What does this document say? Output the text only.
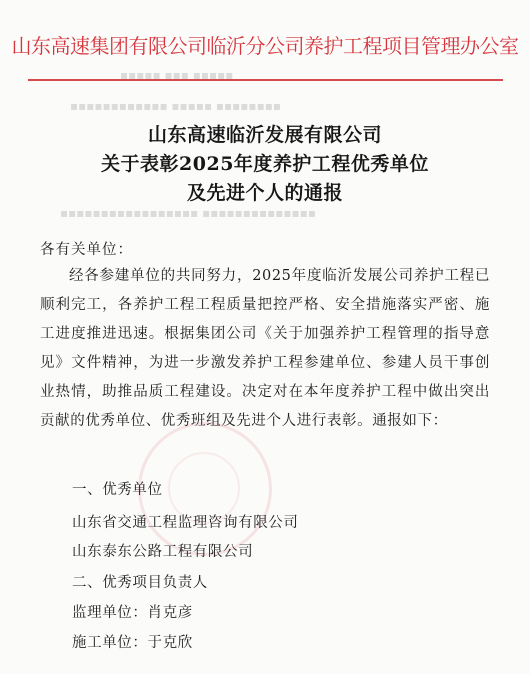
山东高速集团有限公司临沂分公司养护工程项目管理办公室
▪▪▪▪▪ ▪▪▪ ▪▪▪▪▪
▪▪▪▪▪▪▪▪ ▪▪▪▪▪ ▪▪▪▪▪▪▪▪▪▪▪▪
▪▪▪▪▪▪▪▪▪▪▪▪▪▪ ▪▪▪▪▪▪▪▪▪▪▪▪▪▪▪▪▪
山东高速临沂发展有限公司
关于表彰2025年度养护工程优秀单位
及先进个人的通报
各有关单位：
经各参建单位的共同努力，2025年度临沂发展公司养护工程已顺利完工，各养护工程工程质量把控严格、安全措施落实严密、施工进度推进迅速。根据集团公司《关于加强养护工程管理的指导意见》文件精神，为进一步激发养护工程参建单位、参建人员干事创业热情，助推品质工程建设。决定对在本年度养护工程中做出突出贡献的优秀单位、优秀班组及先进个人进行表彰。通报如下：
一、优秀单位
山东省交通工程监理咨询有限公司
山东泰东公路工程有限公司
二、优秀项目负责人
监理单位：肖克彦
施工单位：于克欣
